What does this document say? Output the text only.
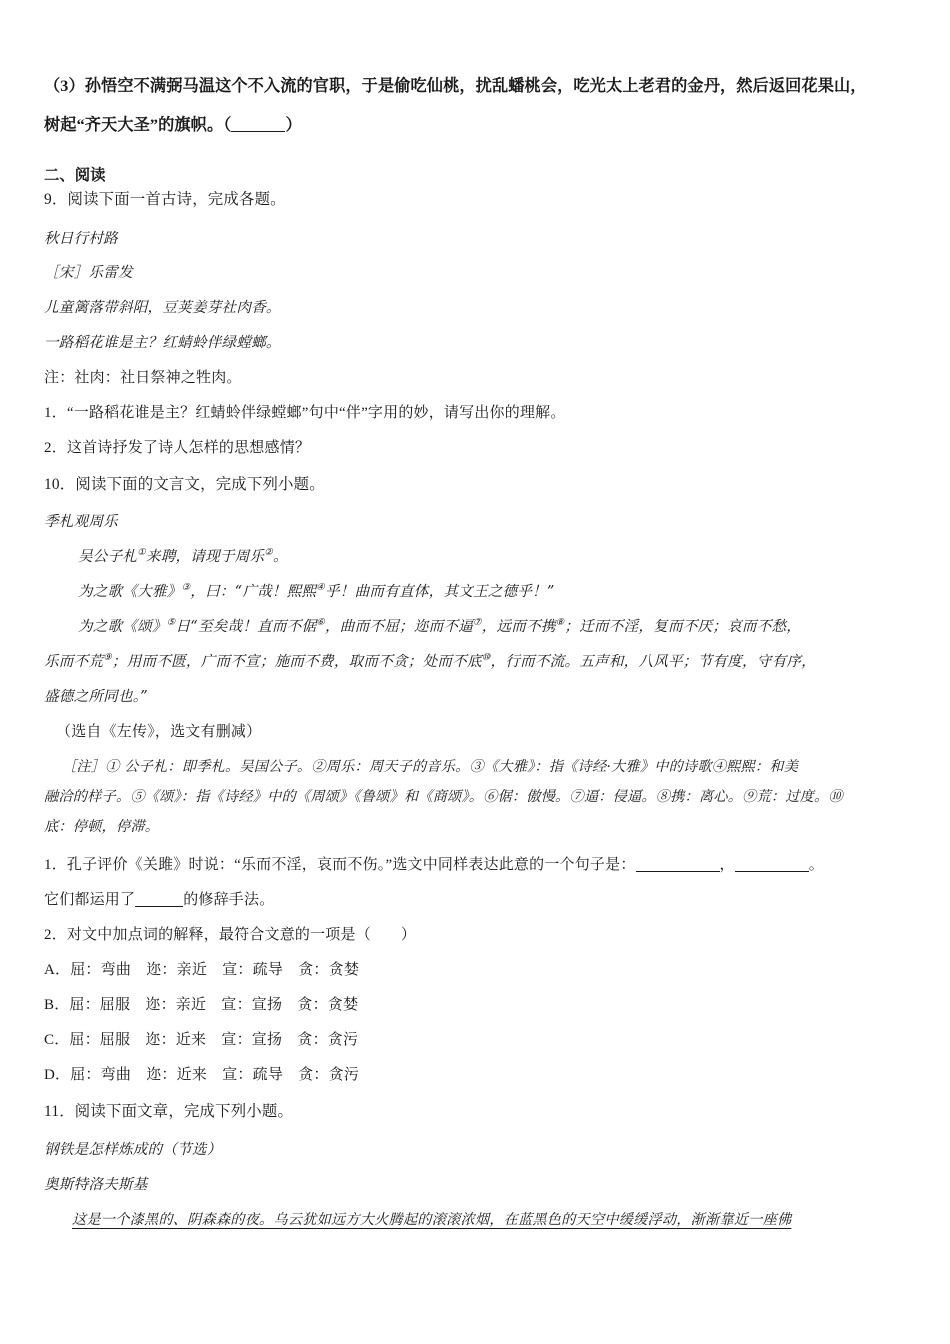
（3）孙悟空不满弼马温这个不入流的官职，于是偷吃仙桃，扰乱蟠桃会，吃光太上老君的金丹，然后返回花果山，
树起“齐天大圣”的旗帜。（	）
二、阅读
9．阅读下面一首古诗，完成各题。
秋日行村路
［宋］乐雷发
儿童篱落带斜阳，豆荚姜芽社肉香。
一路稻花谁是主？红蜻蛉伴绿螳螂。
注：社肉：社日祭神之牲肉。
1．“一路稻花谁是主？红蜻蛉伴绿螳螂”句中“伴”字用的妙，请写出你的理解。
2．这首诗抒发了诗人怎样的思想感情？
10．阅读下面的文言文，完成下列小题。
季札观周乐
吴公子札①来聘，请现于周乐②。
为之歌《大雅》③，曰：“广哉！熙熙④乎！曲而有直体，其文王之德乎！”
为之歌《颂》⑤日“至矣哉！直而不倨⑥，曲而不屈；迩而不逼⑦，远而不携⑧；迁而不淫，复而不厌；哀而不愁，
乐而不荒⑨；用而不匮，广而不宣；施而不费，取而不贪；处而不底⑩，行而不流。五声和，八风平；节有度，守有序，
盛德之所同也。”
（选自《左传》，选文有删减）
［注］① 公子札：即季札。吴国公子。②周乐：周天子的音乐。③《大雅》：指《诗经·大雅》中的诗歌④熙熙：和美
融洽的样子。⑤《颂》：指《诗经》中的《周颂》《鲁颂》和《商颂》。⑥倨：傲慢。⑦逼：侵逼。⑧携：离心。⑨荒：过度。⑩
底：停顿，停滞。
1．孔子评价《关雎》时说：“乐而不淫，哀而不伤。”选文中同样表达此意的一个句子是：	，	。
它们都运用了	的修辞手法。
2．对文中加点词的解释，最符合文意的一项是（ ）
A．屈：弯曲　迩：亲近　宣：疏导　贪：贪婪
B．屈：屈服　迩：亲近　宣：宣扬　贪：贪婪
C．屈：屈服　迩：近来　宣：宣扬　贪：贪污
D．屈：弯曲　迩：近来　宣：疏导　贪：贪污
11．阅读下面文章，完成下列小题。
钢铁是怎样炼成的（节选）
奥斯特洛夫斯基
这是一个漆黑的、阴森森的夜。乌云犹如远方大火腾起的滚滚浓烟，在蓝黑色的天空中缓缓浮动，渐渐靠近一座佛
